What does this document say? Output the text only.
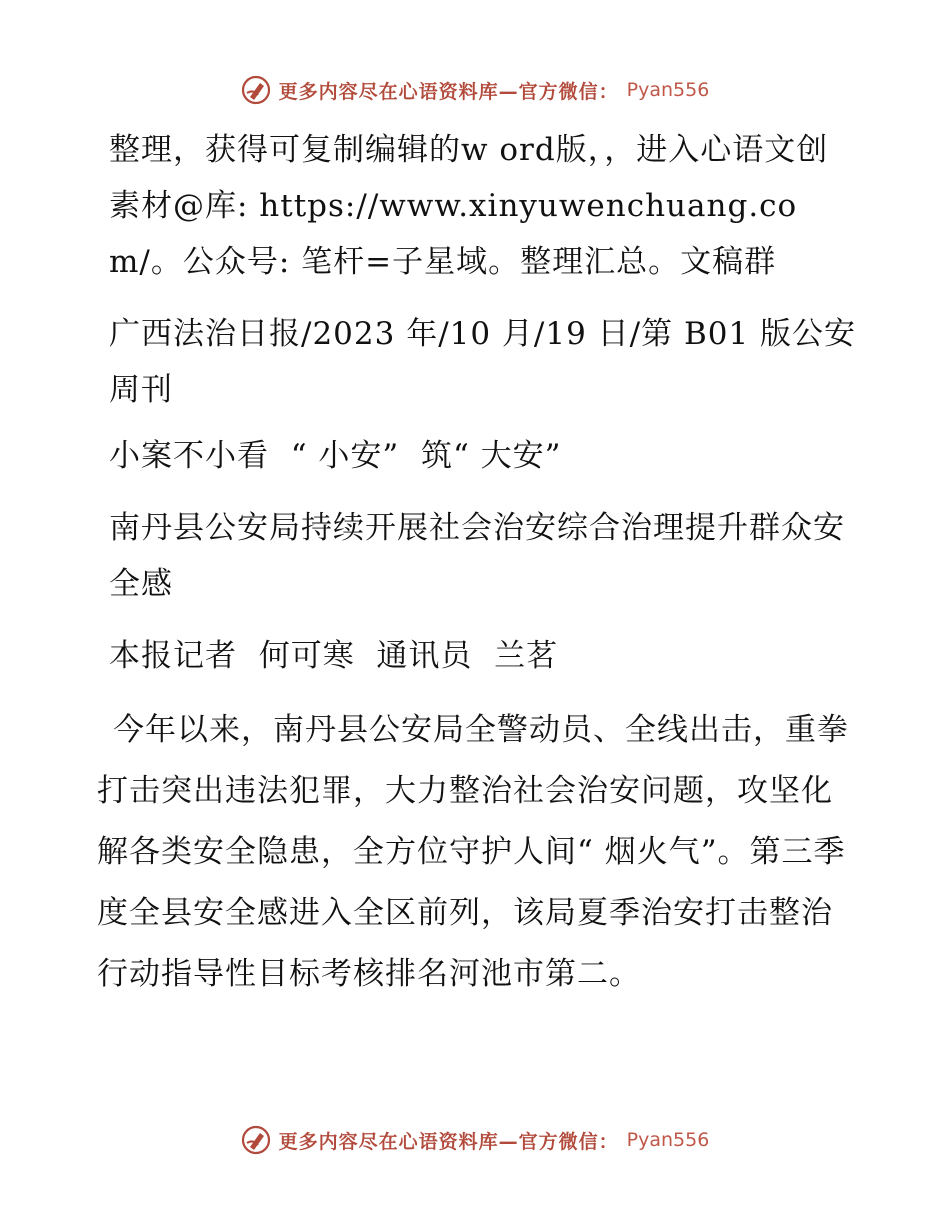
更多内容尽在心语资料库—官方微信： Pyan556

整理，获得可复制编辑的w ord版，，进入心语文创素材@库: https://www.xinyuwenchuang.com/。公众号: 笔杆=子星域。整理汇总。文稿群

广西法治日报/2023 年/10 月/19 日/第 B01 版公安周刊

小案不小看  “ 小安”  筑“ 大安”

南丹县公安局持续开展社会治安综合治理提升群众安全感

本报记者  何可寒  通讯员  兰茗

今年以来，南丹县公安局全警动员、全线出击，重拳打击突出违法犯罪，大力整治社会治安问题，攻坚化解各类安全隐患，全方位守护人间“ 烟火气”。第三季度全县安全感进入全区前列，该局夏季治安打击整治行动指导性目标考核排名河池市第二。

更多内容尽在心语资料库—官方微信： Pyan556
